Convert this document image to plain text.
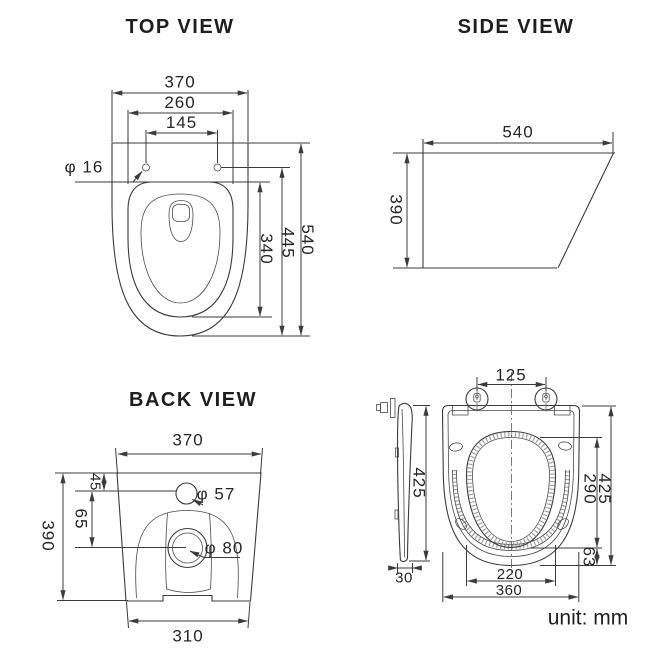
TOP VIEW
370
260
145
φ 16
540
445
340
SIDE VIEW
540
390
BACK VIEW
370
45
65
390
φ 57
φ 80
310
425
30
125
290
425
63
220
360
unit: mm
